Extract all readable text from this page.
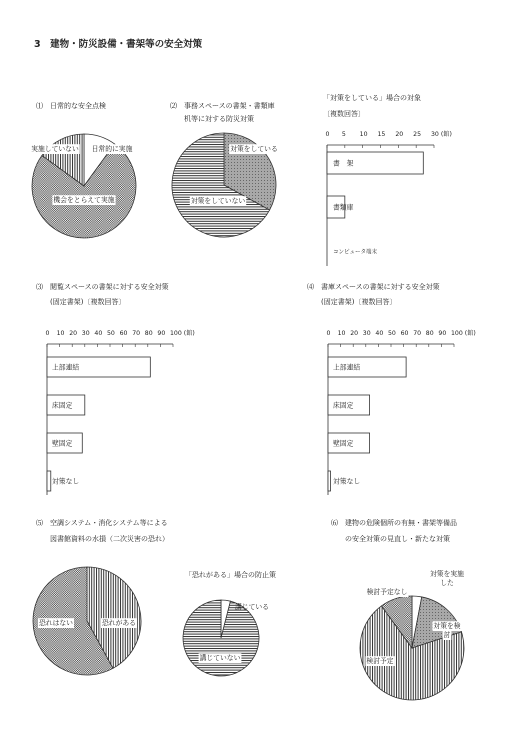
3　建物・防災設備・書架等の安全対策
⑴　日常的な安全点検
日常的に実施
機会をとらえて実施
実施していない
⑵　事務スペースの書架・書類庫
机等に対する防災対策
対策をしている
対策をしていない
「対策をしている」場合の対象
〔複数回答〕
0 5 10 15 20 25 30 (館)
書　架
書類庫
コンピュータ端末
⑶　閲覧スペースの書架に対する安全対策
(固定書架)〔複数回答〕
0 10 20 30 40 50 60 70 80 90 100 (館)
上部連結
床固定
壁固定
対策なし
⑷　書庫スペースの書架に対する安全対策
(固定書架)〔複数回答〕
0 10 20 30 40 50 60 70 80 90 100 (館)
上部連結
床固定
壁固定
対策なし
⑸　空調システム・消化システム等による
図書館資料の水損（二次災害の恐れ）
恐れがある
恐れはない
「恐れがある」場合の防止策
講じている
講じていない
⑹　建物の危険個所の有無・書架等備品
の安全対策の見直し・新たな対策
対策を実施
した
対策を検
討
検討予定
検討予定なし
